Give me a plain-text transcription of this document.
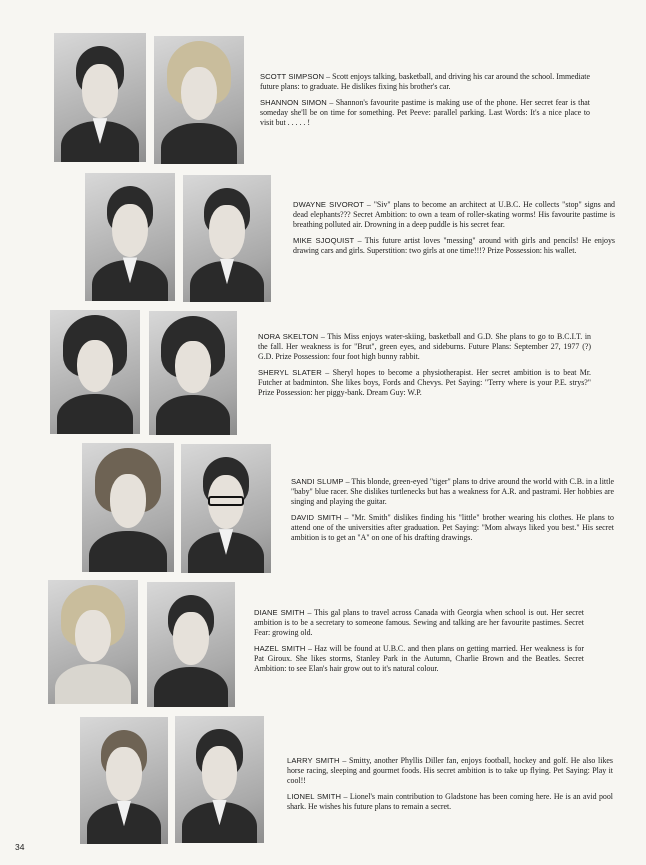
SCOTT SIMPSON – Scott enjoys talking, basketball, and driving his car around the school. Immediate future plans: to graduate. He dislikes fixing his brother's car.

SHANNON SIMON – Shannon's favourite pastime is making use of the phone. Her secret fear is that someday she'll be on time for something. Pet Peeve: parallel parking. Last Words: It's a nice place to visit but . . . . . !

DWAYNE SIVOROT – "Siv" plans to become an architect at U.B.C. He collects "stop" signs and dead elephants??? Secret Ambition: to own a team of roller-skating worms! His favourite pastime is breathing polluted air. Drowning in a deep puddle is his secret fear.

MIKE SJOQUIST – This future artist loves "messing" around with girls and pencils! He enjoys drawing cars and girls. Superstition: two girls at one time!!!? Prize Possession: his wallet.

NORA SKELTON – This Miss enjoys water-skiing, basketball and G.D. She plans to go to B.C.I.T. in the fall. Her weakness is for "Brut", green eyes, and sideburns. Future Plans: September 27, 1977 (?) G.D. Prize Possession: four foot high bunny rabbit.

SHERYL SLATER – Sheryl hopes to become a physiotherapist. Her secret ambition is to beat Mr. Futcher at badminton. She likes boys, Fords and Chevys. Pet Saying: "Terry where is your P.E. strys?" Prize Possession: her piggy-bank. Dream Guy: W.P.

SANDI SLUMP – This blonde, green-eyed "tiger" plans to drive around the world with C.B. in a little "baby" blue racer. She dislikes turtlenecks but has a weakness for A.R. and pastrami. Her hobbies are singing and playing the guitar.

DAVID SMITH – "Mr. Smith" dislikes finding his "little" brother wearing his clothes. He plans to attend one of the universities after graduation. Pet Saying: "Mom always liked you best." His secret ambition is to get an "A" on one of his drafting drawings.

DIANE SMITH – This gal plans to travel across Canada with Georgia when school is out. Her secret ambition is to be a secretary to someone famous. Sewing and talking are her favourite pastimes. Secret Fear: growing old.

HAZEL SMITH – Haz will be found at U.B.C. and then plans on getting married. Her weakness is for Pat Giroux. She likes storms, Stanley Park in the Autumn, Charlie Brown and the Beatles. Secret Ambition: to see Elan's hair grow out to it's natural colour.

LARRY SMITH – Smitty, another Phyllis Diller fan, enjoys football, hockey and golf. He also likes horse racing, sleeping and gourmet foods. His secret ambition is to take up flying. Pet Saying: Play it cool!!

LIONEL SMITH – Lionel's main contribution to Gladstone has been coming here. He is an avid pool shark. He wishes his future plans to remain a secret.

34
